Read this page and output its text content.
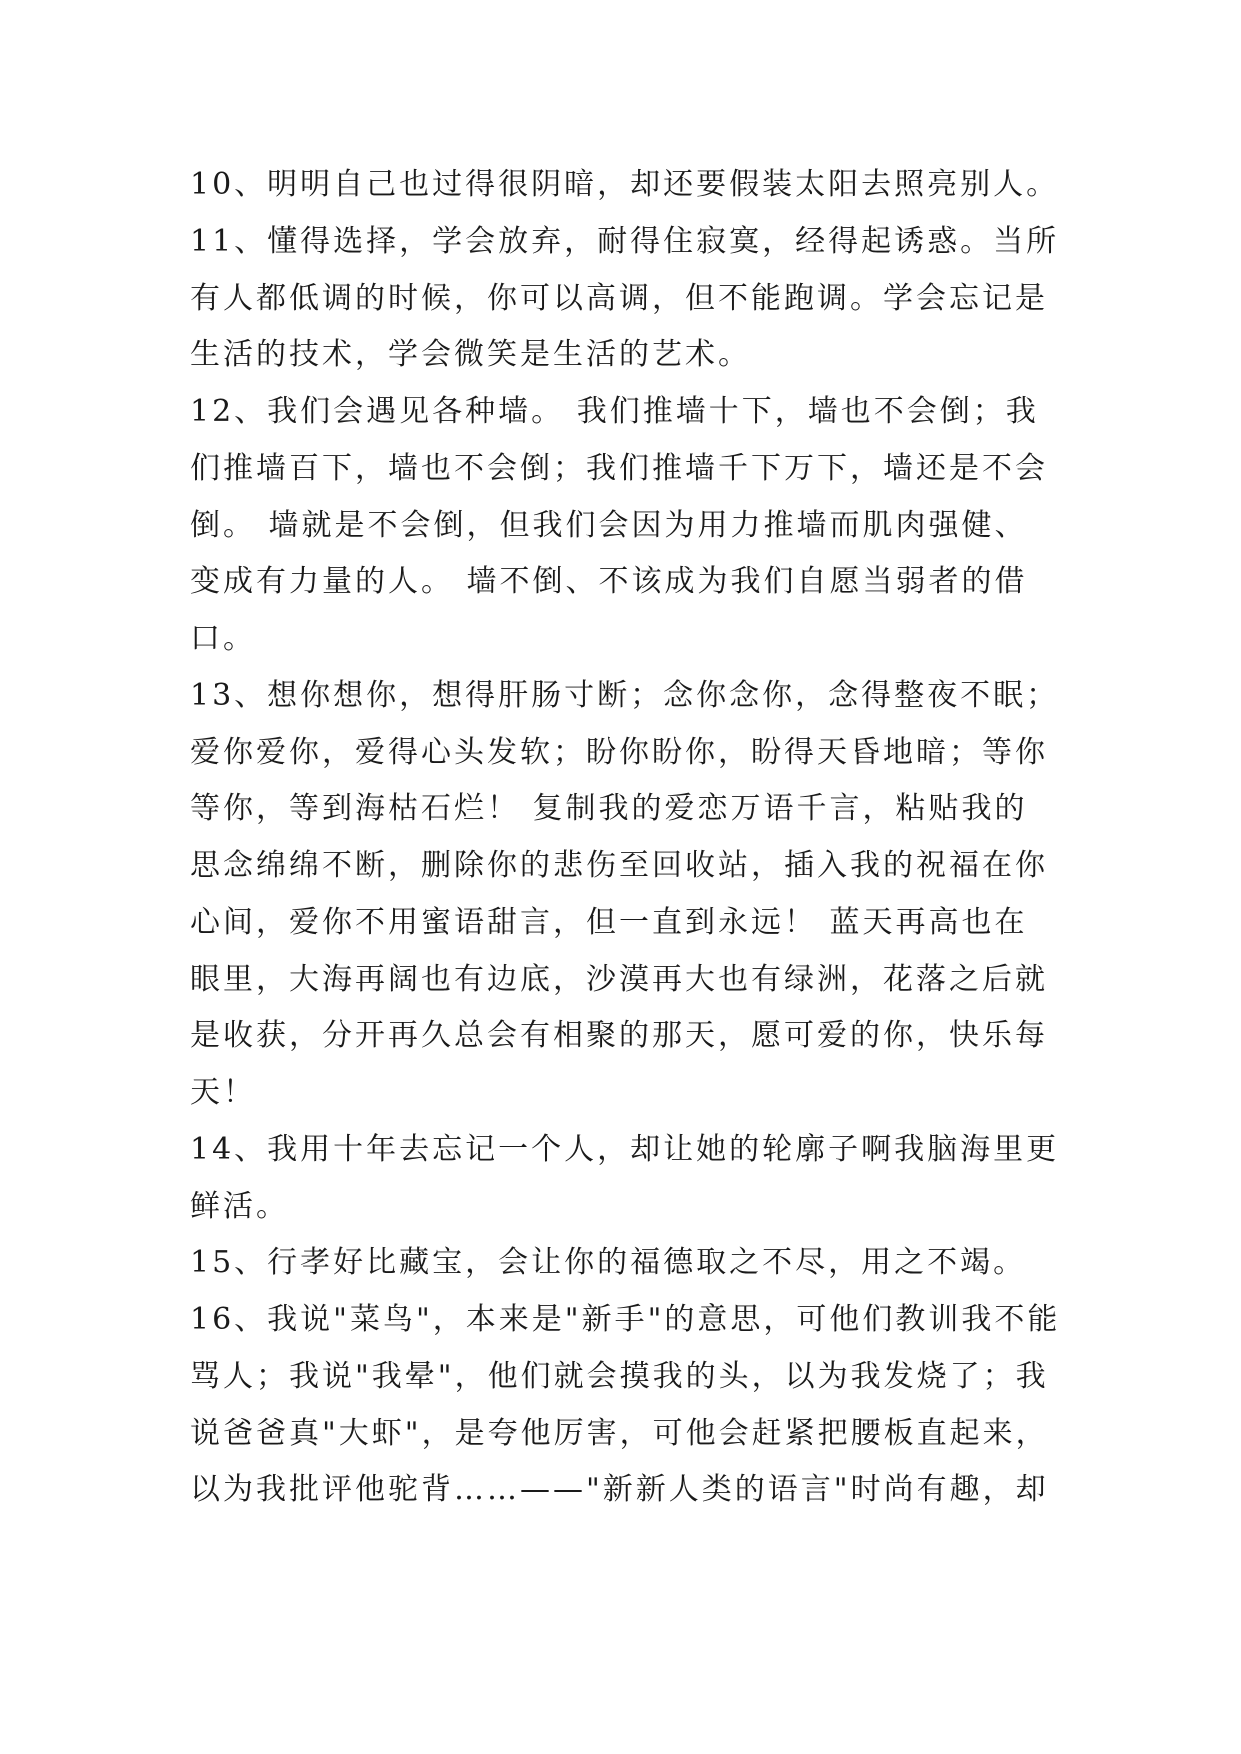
10、明明自己也过得很阴暗，却还要假装太阳去照亮别人。
11、懂得选择，学会放弃，耐得住寂寞，经得起诱惑。当所
有人都低调的时候，你可以高调，但不能跑调。学会忘记是
生活的技术，学会微笑是生活的艺术。
12、我们会遇见各种墙。 我们推墙十下，墙也不会倒；我
们推墙百下，墙也不会倒；我们推墙千下万下，墙还是不会
倒。 墙就是不会倒，但我们会因为用力推墙而肌肉强健、
变成有力量的人。 墙不倒、不该成为我们自愿当弱者的借
口。
13、想你想你，想得肝肠寸断；念你念你，念得整夜不眠；
爱你爱你，爱得心头发软；盼你盼你，盼得天昏地暗；等你
等你，等到海枯石烂！ 复制我的爱恋万语千言，粘贴我的
思念绵绵不断，删除你的悲伤至回收站，插入我的祝福在你
心间，爱你不用蜜语甜言，但一直到永远！ 蓝天再高也在
眼里，大海再阔也有边底，沙漠再大也有绿洲，花落之后就
是收获，分开再久总会有相聚的那天，愿可爱的你，快乐每
天！
14、我用十年去忘记一个人，却让她的轮廓子啊我脑海里更
鲜活。
15、行孝好比藏宝，会让你的福德取之不尽，用之不竭。
16、我说"菜鸟"，本来是"新手"的意思，可他们教训我不能
骂人；我说"我晕"，他们就会摸我的头，以为我发烧了；我
说爸爸真"大虾"，是夸他厉害，可他会赶紧把腰板直起来，
以为我批评他驼背……——"新新人类的语言"时尚有趣，却
